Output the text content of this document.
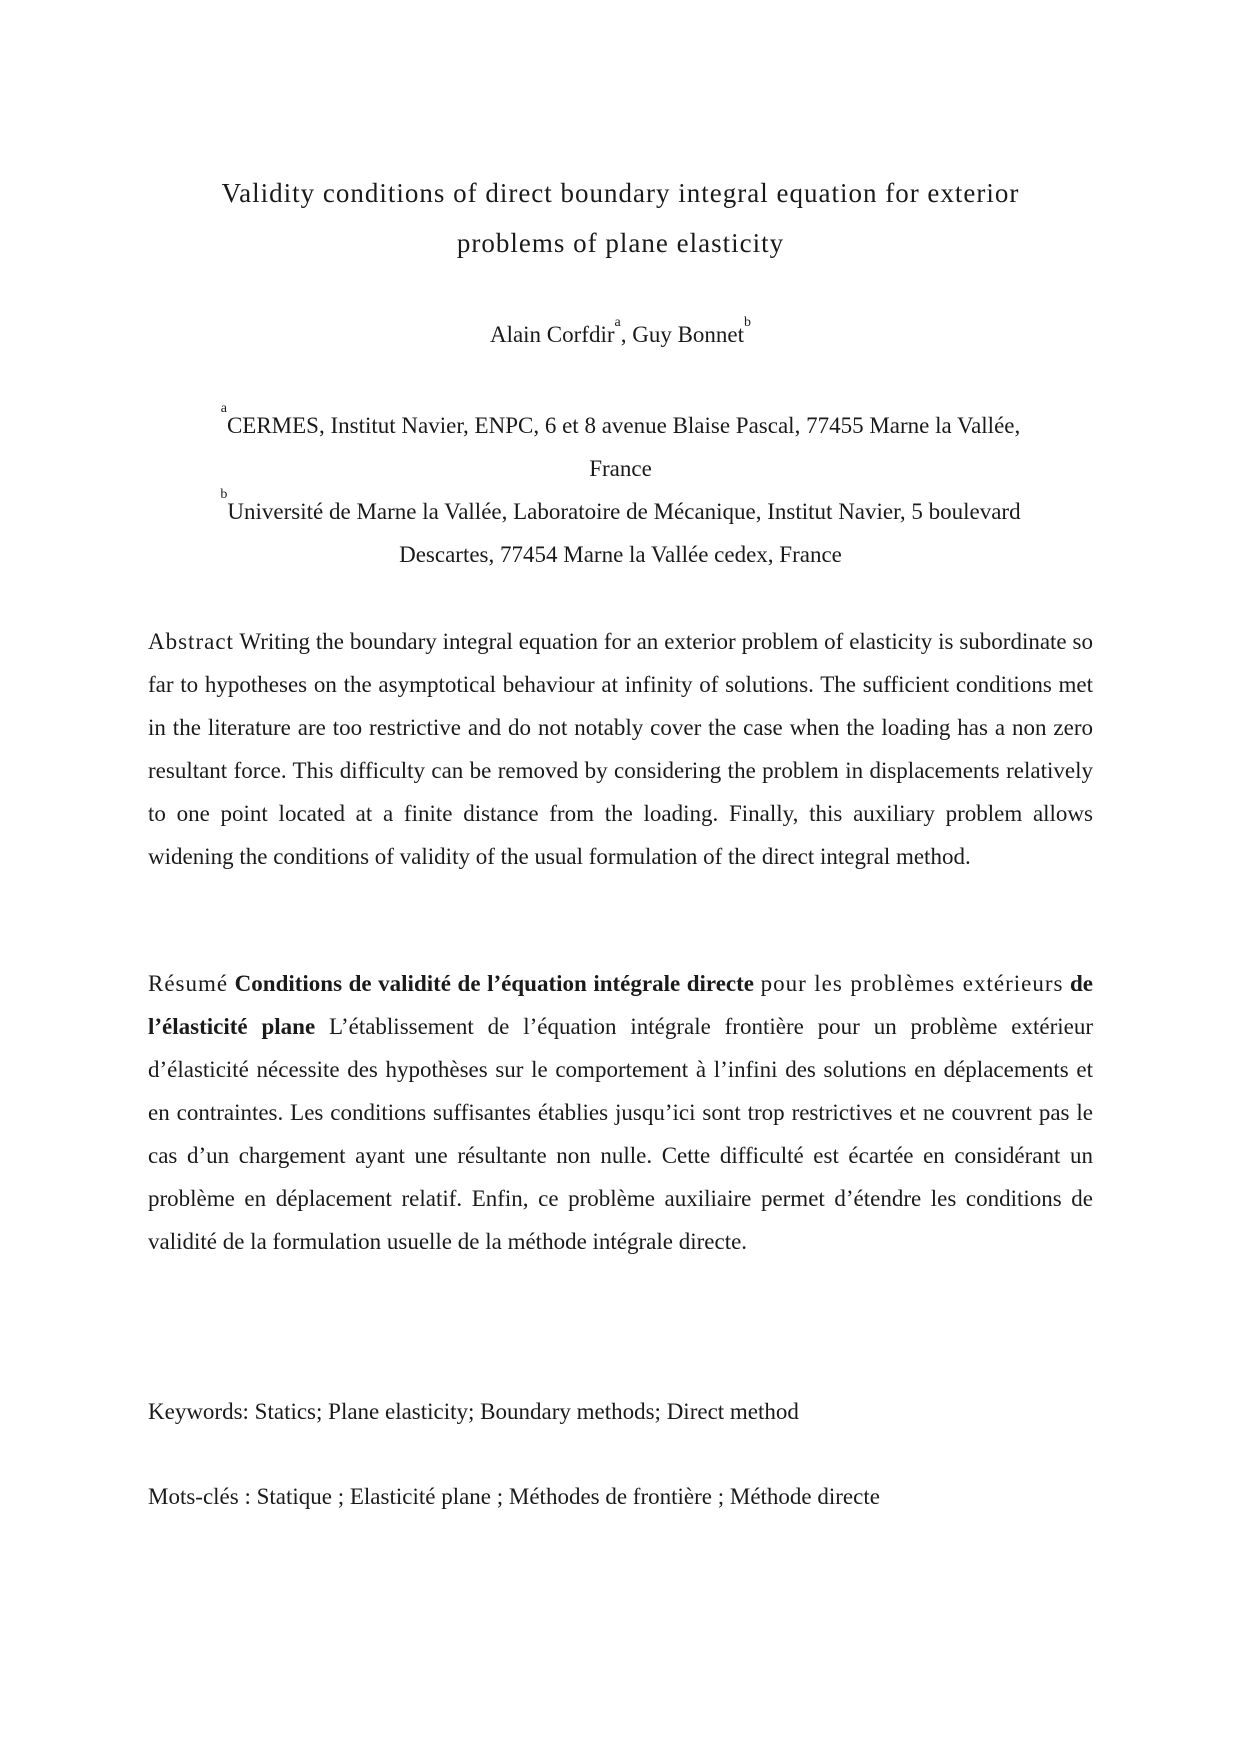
Validity conditions of direct boundary integral equation for exterior
problems of plane elasticity
Alain Corfdir$^a$, Guy Bonnet$^b$
$^a$CERMES, Institut Navier, ENPC, 6 et 8 avenue Blaise Pascal, 77455 Marne la Vallée,
France
$^b$Université de Marne la Vallée, Laboratoire de Mécanique, Institut Navier, 5 boulevard
Descartes, 77454 Marne la Vallée cedex, France
Abstract Writing the boundary integral equation for an exterior problem of elasticity is subordinate so far to hypotheses on the asymptotical behaviour at infinity of solutions. The sufficient conditions met in the literature are too restrictive and do not notably cover the case when the loading has a non zero resultant force. This difficulty can be removed by considering the problem in displacements relatively to one point located at a finite distance from the loading. Finally, this auxiliary problem allows widening the conditions of validity of the usual formulation of the direct integral method.
Résumé Conditions de validité de l’équation intégrale directe pour les problèmes extérieurs de l’élasticité plane L’établissement de l’équation intégrale frontière pour un problème extérieur d’élasticité nécessite des hypothèses sur le comportement à l’infini des solutions en déplacements et en contraintes. Les conditions suffisantes établies jusqu’ici sont trop restrictives et ne couvrent pas le cas d’un chargement ayant une résultante non nulle. Cette difficulté est écartée en considérant un problème en déplacement relatif. Enfin, ce problème auxiliaire permet d’étendre les conditions de validité de la formulation usuelle de la méthode intégrale directe.
Keywords: Statics; Plane elasticity; Boundary methods; Direct method
Mots-clés : Statique ; Elasticité plane ; Méthodes de frontière ; Méthode directe
